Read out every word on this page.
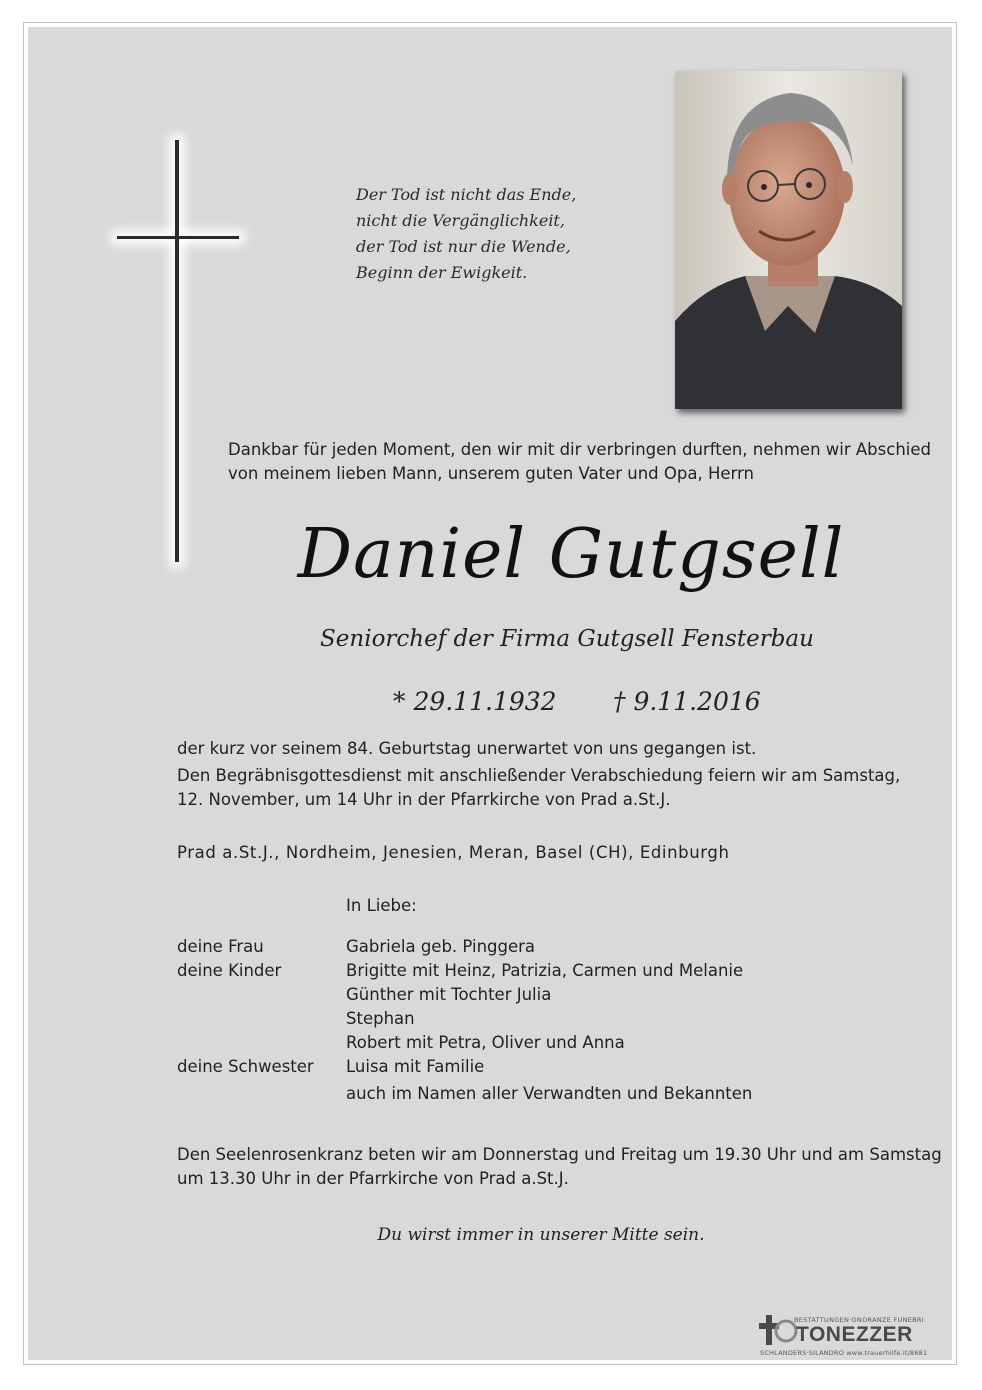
Der Tod ist nicht das Ende,
nicht die Vergänglichkeit,
der Tod ist nur die Wende,
Beginn der Ewigkeit.
Dankbar für jeden Moment, den wir mit dir verbringen durften, nehmen wir Abschied
von meinem lieben Mann, unserem guten Vater und Opa, Herrn
Daniel Gutgsell
Seniorchef der Firma Gutgsell Fensterbau
* 29.11.1932 † 9.11.2016
der kurz vor seinem 84. Geburtstag unerwartet von uns gegangen ist.
Den Begräbnisgottesdienst mit anschließender Verabschiedung feiern wir am Samstag,
12. November, um 14 Uhr in der Pfarrkirche von Prad a.St.J.
Prad a.St.J., Nordheim, Jenesien, Meran, Basel (CH), Edinburgh
In Liebe:
deine Frau	Gabriela geb. Pinggera
deine Kinder	Brigitte mit Heinz, Patrizia, Carmen und Melanie
Günther mit Tochter Julia
Stephan
Robert mit Petra, Oliver und Anna
deine Schwester	Luisa mit Familie
auch im Namen aller Verwandten und Bekannten
Den Seelenrosenkranz beten wir am Donnerstag und Freitag um 19.30 Uhr und am Samstag
um 13.30 Uhr in der Pfarrkirche von Prad a.St.J.
Du wirst immer in unserer Mitte sein.
BESTATTUNGEN·ONORANZE FUNEBRI
TONEZZER
SCHLANDERS·SILANDRO www.trauerhilfe.it/8681
